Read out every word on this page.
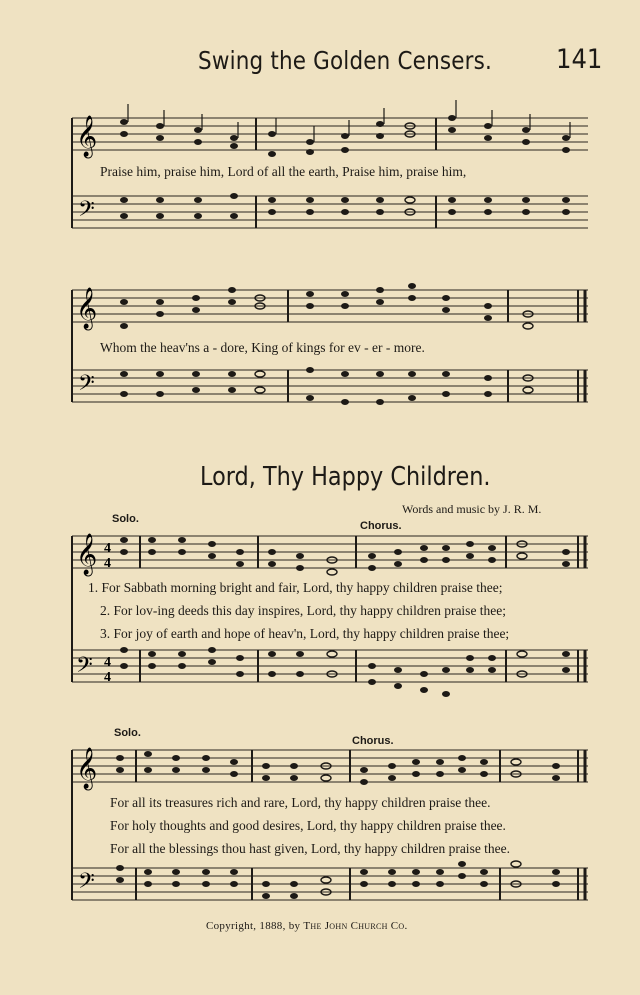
Swing the Golden Censers. 141
𝄞
𝄢
Praise him, praise him, Lord of all the earth, Praise him, praise him,
𝄞
𝄢
Whom the heav'ns a - dore, King of kings for ev - er - more.
Lord, Thy Happy Children.
Words and music by J. R. M.
Solo.
Chorus.
𝄞
𝄢
4
4
4
4
1. For Sabbath morning bright and fair, Lord, thy happy children praise thee;
2. For lov-ing deeds this day inspires, Lord, thy happy children praise thee;
3. For joy of earth and hope of heav'n, Lord, thy happy children praise thee;
Solo.
Chorus.
𝄞
𝄢
For all its treasures rich and rare, Lord, thy happy children praise thee.
For holy thoughts and good desires, Lord, thy happy children praise thee.
For all the blessings thou hast given, Lord, thy happy children praise thee.
Copyright, 1888, by The John Church Co.
